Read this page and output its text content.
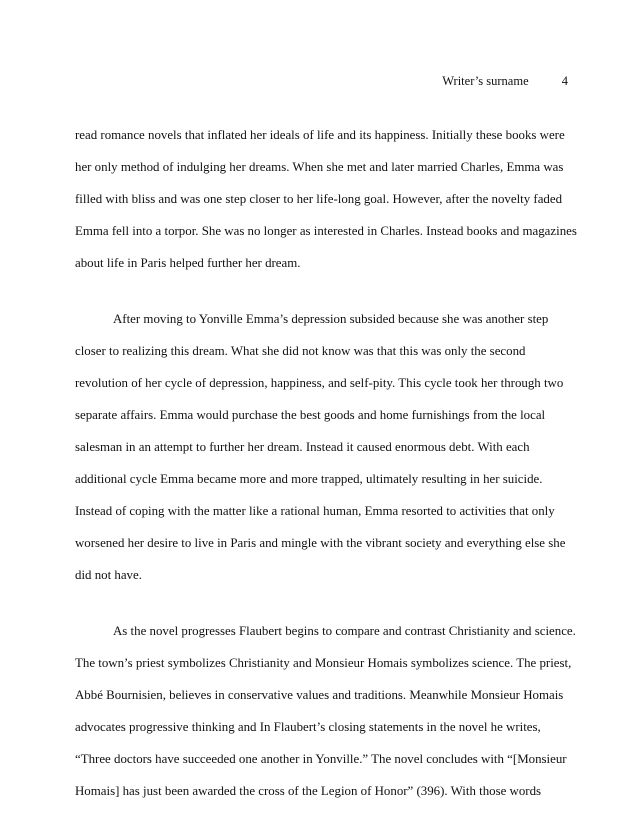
Writer’s surname	4
read romance novels that inflated her ideals of life and its happiness. Initially these books were
her only method of indulging her dreams. When she met and later married Charles, Emma was
filled with bliss and was one step closer to her life-long goal. However, after the novelty faded
Emma fell into a torpor. She was no longer as interested in Charles. Instead books and magazines
about life in Paris helped further her dream.
After moving to Yonville Emma’s depression subsided because she was another step
closer to realizing this dream. What she did not know was that this was only the second
revolution of her cycle of depression, happiness, and self-pity. This cycle took her through two
separate affairs. Emma would purchase the best goods and home furnishings from the local
salesman in an attempt to further her dream. Instead it caused enormous debt. With each
additional cycle Emma became more and more trapped, ultimately resulting in her suicide.
Instead of coping with the matter like a rational human, Emma resorted to activities that only
worsened her desire to live in Paris and mingle with the vibrant society and everything else she
did not have.
As the novel progresses Flaubert begins to compare and contrast Christianity and science.
The town’s priest symbolizes Christianity and Monsieur Homais symbolizes science. The priest,
Abbé Bournisien, believes in conservative values and traditions. Meanwhile Monsieur Homais
advocates progressive thinking and In Flaubert’s closing statements in the novel he writes,
“Three doctors have succeeded one another in Yonville.” The novel concludes with “[Monsieur
Homais] has just been awarded the cross of the Legion of Honor” (396). With those words
